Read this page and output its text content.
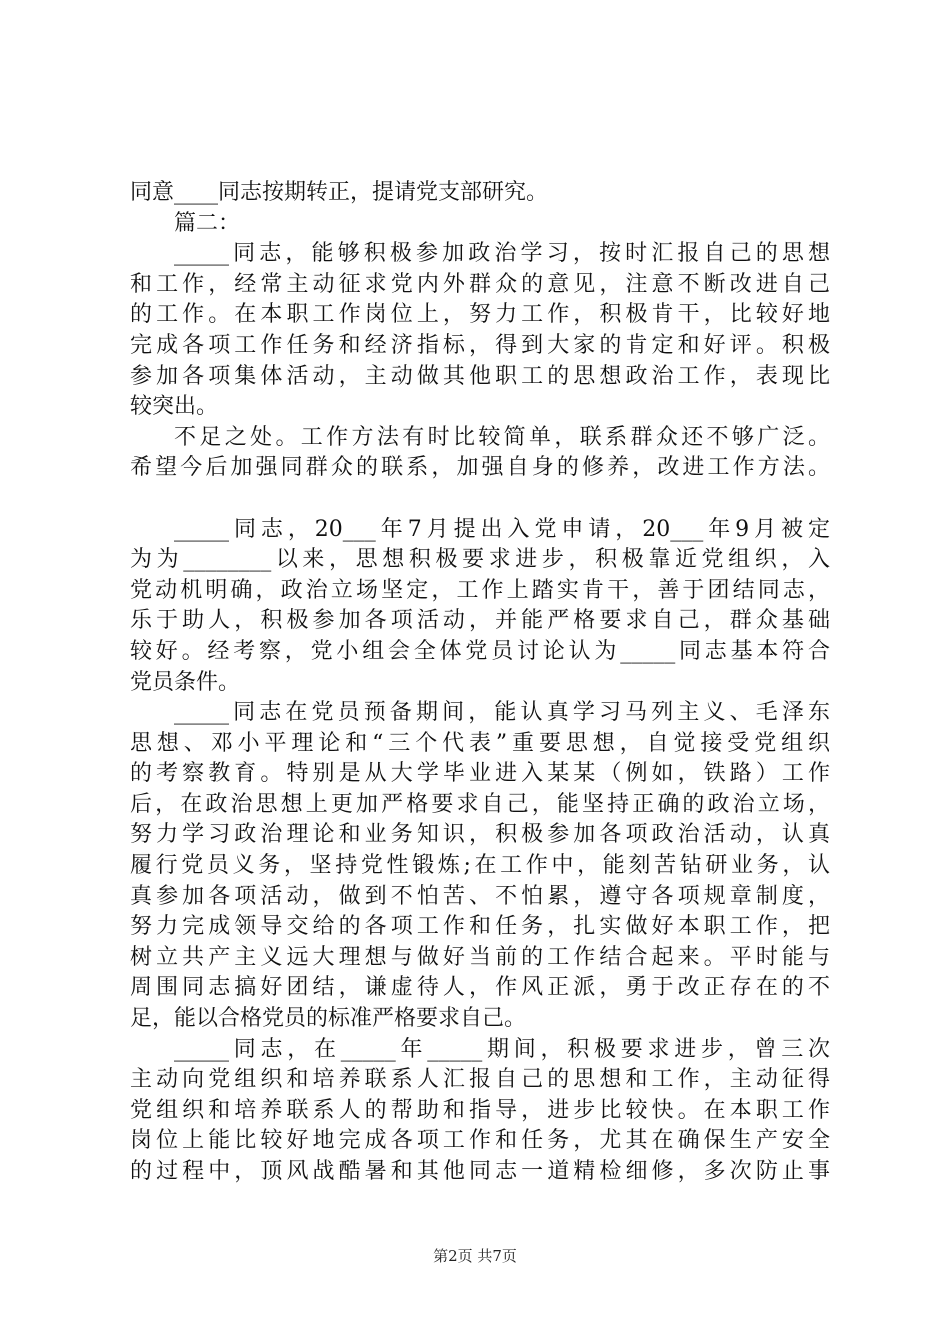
同意____同志按期转正，提请党支部研究。
篇二：
_____同志，能够积极参加政治学习，按时汇报自己的思想
和工作，经常主动征求党内外群众的意见，注意不断改进自己
的工作。在本职工作岗位上，努力工作，积极肯干，比较好地
完成各项工作任务和经济指标，得到大家的肯定和好评。积极
参加各项集体活动，主动做其他职工的思想政治工作，表现比
较突出。
不足之处。工作方法有时比较简单，联系群众还不够广泛。
希望今后加强同群众的联系，加强自身的修养，改进工作方法。
_____同志，20___年7月提出入党申请，20___年9月被定
为为________以来，思想积极要求进步，积极靠近党组织，入
党动机明确，政治立场坚定，工作上踏实肯干，善于团结同志，
乐于助人，积极参加各项活动，并能严格要求自己，群众基础
较好。经考察，党小组会全体党员讨论认为_____同志基本符合
党员条件。
_____同志在党员预备期间，能认真学习马列主义、毛泽东
思想、邓小平理论和“三个代表”重要思想，自觉接受党组织
的考察教育。特别是从大学毕业进入某某（例如，铁路）工作
后，在政治思想上更加严格要求自己，能坚持正确的政治立场，
努力学习政治理论和业务知识，积极参加各项政治活动，认真
履行党员义务，坚持党性锻炼;在工作中，能刻苦钻研业务，认
真参加各项活动，做到不怕苦、不怕累，遵守各项规章制度，
努力完成领导交给的各项工作和任务，扎实做好本职工作，把
树立共产主义远大理想与做好当前的工作结合起来。平时能与
周围同志搞好团结，谦虚待人，作风正派，勇于改正存在的不
足，能以合格党员的标准严格要求自己。
_____同志，在_____年_____期间，积极要求进步，曾三次
主动向党组织和培养联系人汇报自己的思想和工作，主动征得
党组织和培养联系人的帮助和指导，进步比较快。在本职工作
岗位上能比较好地完成各项工作和任务，尤其在确保生产安全
的过程中，顶风战酷暑和其他同志一道精检细修，多次防止事
第2页 共7页
